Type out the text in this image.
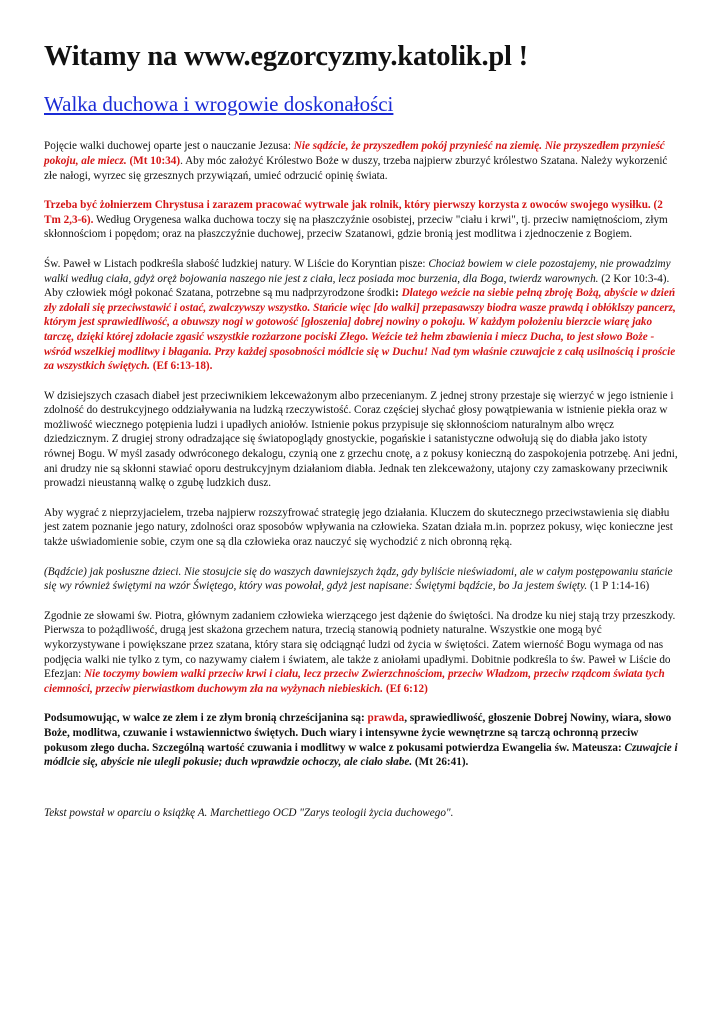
Witamy na www.egzorcyzmy.katolik.pl !
Walka duchowa i wrogowie doskonałości

Pojęcie walki duchowej oparte jest o nauczanie Jezusa: Nie sądźcie, że przyszedłem pokój przynieść na ziemię. Nie przyszedłem przynieść pokoju, ale miecz. (Mt 10:34). Aby móc założyć Królestwo Boże w duszy, trzeba najpierw zburzyć królestwo Szatana. Należy wykorzenić złe nałogi, wyrzec się grzesznych przywiązań, umieć odrzucić opinię świata.

Trzeba być żołnierzem Chrystusa i zarazem pracować wytrwale jak rolnik, który pierwszy korzysta z owoców swojego wysiłku. (2 Tm 2,3-6). Według Orygenesa walka duchowa toczy się na płaszczyźnie osobistej, przeciw "ciału i krwi", tj. przeciw namiętnościom, złym skłonnościom i popędom; oraz na płaszczyźnie duchowej, przeciw Szatanowi, gdzie bronią jest modlitwa i zjednoczenie z Bogiem.

Św. Paweł w Listach podkreśla słabość ludzkiej natury. W Liście do Koryntian pisze: Chociaż bowiem w ciele pozostajemy, nie prowadzimy walki według ciała, gdyż oręż bojowania naszego nie jest z ciała, lecz posiada moc burzenia, dla Boga, twierdz warownych. (2 Kor 10:3-4). Aby człowiek mógł pokonać Szatana, potrzebne są mu nadprzyrodzone środki: Dlatego weźcie na siebie pełną zbroję Bożą, abyście w dzień zły zdołali się przeciwstawić i ostać, zwalczywszy wszystko. Stańcie więc [do walki] przepasawszy biodra wasze prawdą i obłóklszy pancerz, którym jest sprawiedliwość, a obuwszy nogi w gotowość [głoszenia] dobrej nowiny o pokoju. W każdym położeniu bierzcie wiarę jako tarczę, dzięki której zdołacie zgasić wszystkie rozżarzone pociski Złego. Weźcie też hełm zbawienia i miecz Ducha, to jest słowo Boże - wśród wszelkiej modlitwy i błagania. Przy każdej sposobności módlcie się w Duchu! Nad tym właśnie czuwajcie z całą usilnością i proście za wszystkich świętych. (Ef 6:13-18).

W dzisiejszych czasach diabeł jest przeciwnikiem lekceważonym albo przecenianym. Z jednej strony przestaje się wierzyć w jego istnienie i zdolność do destrukcyjnego oddziaływania na ludzką rzeczywistość. Coraz częściej słychać głosy powątpiewania w istnienie piekła oraz w możliwość wiecznego potępienia ludzi i upadłych aniołów. Istnienie pokus przypisuje się skłonnościom naturalnym albo wręcz dziedzicznym. Z drugiej strony odradzające się światopoglądy gnostyckie, pogańskie i satanistyczne odwołują się do diabła jako istoty równej Bogu. W myśl zasady odwróconego dekalogu, czynią one z grzechu cnotę, a z pokusy konieczną do zaspokojenia potrzebę. Ani jedni, ani drudzy nie są skłonni stawiać oporu destrukcyjnym działaniom diabła. Jednak ten zlekceważony, utajony czy zamaskowany przeciwnik prowadzi nieustanną walkę o zgubę ludzkich dusz.

Aby wygrać z nieprzyjacielem, trzeba najpierw rozszyfrować strategię jego działania. Kluczem do skutecznego przeciwstawienia się diabłu jest zatem poznanie jego natury, zdolności oraz sposobów wpływania na człowieka. Szatan działa m.in. poprzez pokusy, więc konieczne jest także uświadomienie sobie, czym one są dla człowieka oraz nauczyć się wychodzić z nich obronną ręką.

(Bądźcie) jak posłuszne dzieci. Nie stosujcie się do waszych dawniejszych żądz, gdy byliście nieświadomi, ale w całym postępowaniu stańcie się wy również świętymi na wzór Świętego, który was powołał, gdyż jest napisane: Świętymi bądźcie, bo Ja jestem święty. (1 P 1:14-16)

Zgodnie ze słowami św. Piotra, głównym zadaniem człowieka wierzącego jest dążenie do świętości. Na drodze ku niej stają trzy przeszkody. Pierwsza to pożądliwość, drugą jest skażona grzechem natura, trzecią stanowią podniety naturalne. Wszystkie one mogą być wykorzystywane i powiększane przez szatana, który stara się odciągnąć ludzi od życia w świętości. Zatem wierność Bogu wymaga od nas podjęcia walki nie tylko z tym, co nazywamy ciałem i światem, ale także z aniołami upadłymi. Dobitnie podkreśla to św. Paweł w Liście do Efezjan: Nie toczymy bowiem walki przeciw krwi i ciału, lecz przeciw Zwierzchnościom, przeciw Władzom, przeciw rządcom świata tych ciemności, przeciw pierwiastkom duchowym zła na wyżynach niebieskich. (Ef 6:12)

Podsumowując, w walce ze złem i ze złym bronią chrześcijanina są: prawda, sprawiedliwość, głoszenie Dobrej Nowiny, wiara, słowo Boże, modlitwa, czuwanie i wstawiennictwo świętych. Duch wiary i intensywne życie wewnętrzne są tarczą ochronną przeciw pokusom złego ducha. Szczególną wartość czuwania i modlitwy w walce z pokusami potwierdza Ewangelia św. Mateusza: Czuwajcie i módlcie się, abyście nie ulegli pokusie; duch wprawdzie ochoczy, ale ciało słabe. (Mt 26:41).

Tekst powstał w oparciu o książkę A. Marchettiego OCD "Zarys teologii życia duchowego".
